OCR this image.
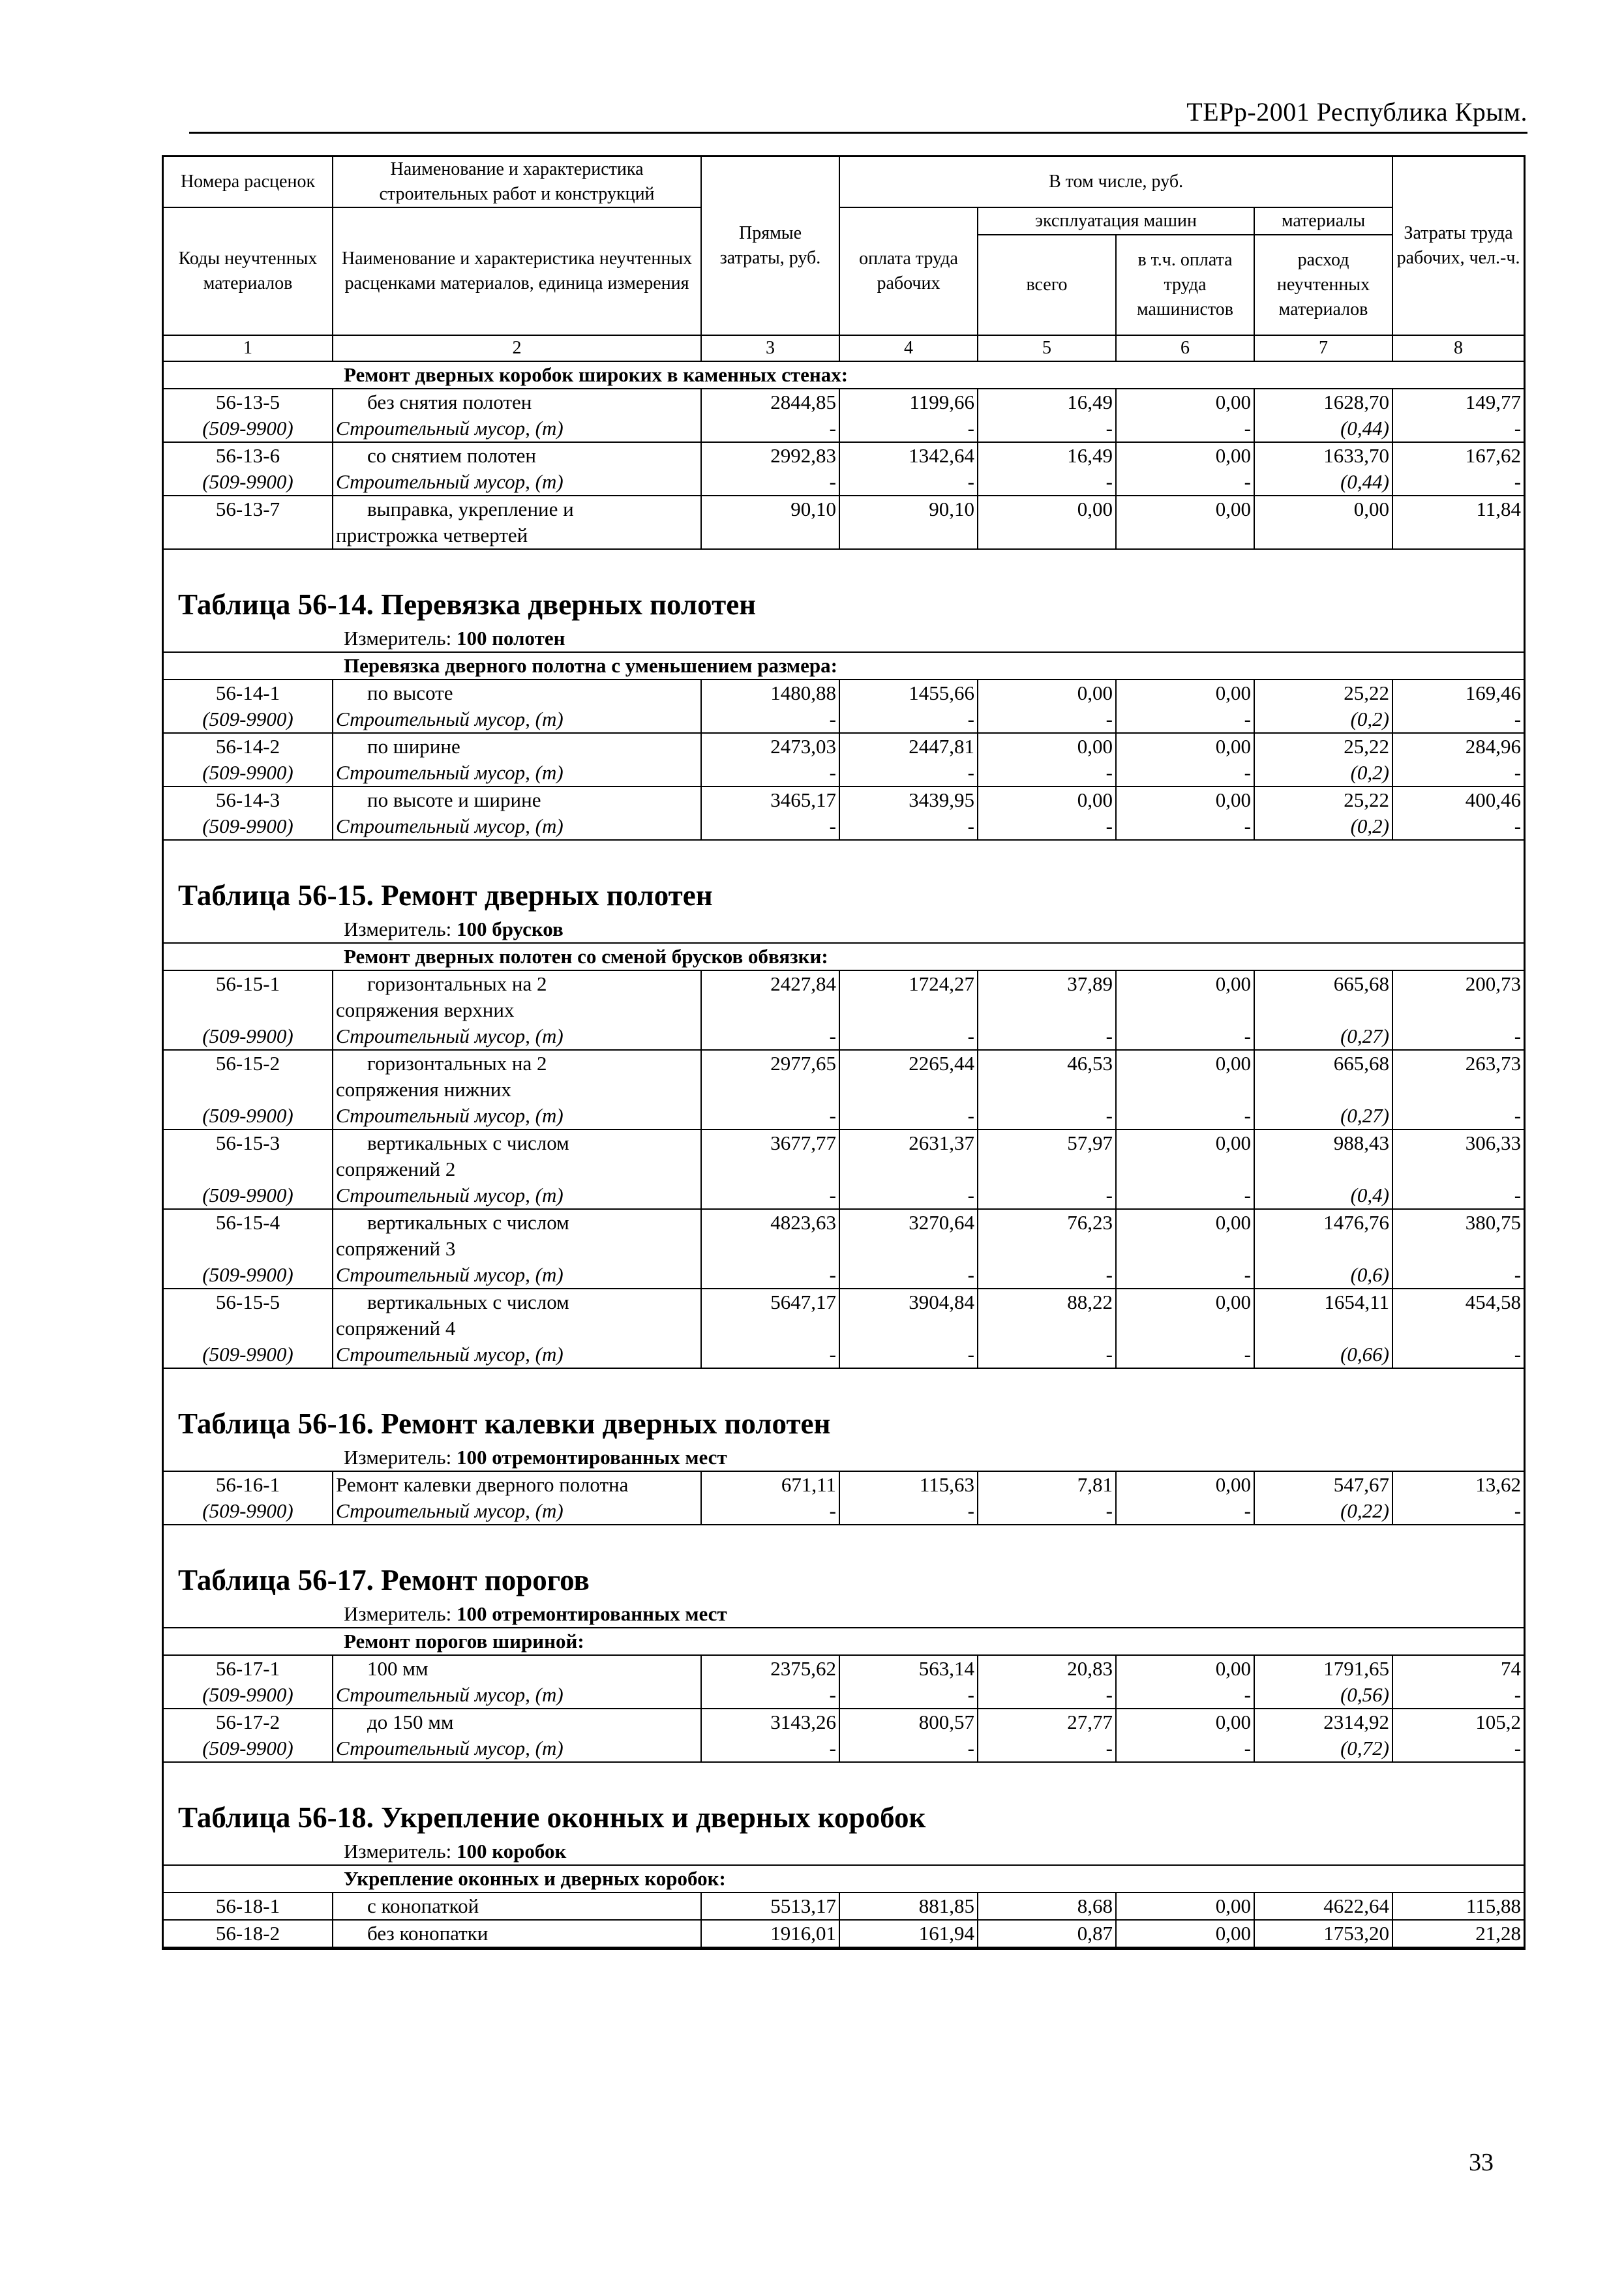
ТЕРр-2001 Республика Крым.
Номера расценок	Наименование и характеристика строительных работ и конструкций	Прямые затраты, руб.	В том числе, руб.				Затраты труда рабочих, чел.-ч.
Коды неучтенных материалов	Наименование и характеристика неучтенных расценками материалов, единица измерения		оплата труда рабочих	эксплуатация машин		материалы	
				всего	в т.ч. оплата труда машинистов	расход неучтенных материалов	
1	2	3	4	5	6	7	8
Ремонт дверных коробок широких в каменных стенах:							
56-13-5	без снятия полотен	2844,85	1199,66	16,49	0,00	1628,70	149,77
(509-9900)	Строительный мусор, (т)	-	-	-	-	(0,44)	-
56-13-6	со снятием полотен	2992,83	1342,64	16,49	0,00	1633,70	167,62
(509-9900)	Строительный мусор, (т)	-	-	-	-	(0,44)	-
56-13-7	выправка, укрепление и
пристрожка четвертей	90,10	90,10	0,00	0,00	0,00	11,84

Таблица 56-14. Перевязка дверных полотен							
Измеритель: 100 полотен							
Перевязка дверного полотна с уменьшением размера:							
56-14-1	по высоте	1480,88	1455,66	0,00	0,00	25,22	169,46
(509-9900)	Строительный мусор, (т)	-	-	-	-	(0,2)	-
56-14-2	по ширине	2473,03	2447,81	0,00	0,00	25,22	284,96
(509-9900)	Строительный мусор, (т)	-	-	-	-	(0,2)	-
56-14-3	по высоте и ширине	3465,17	3439,95	0,00	0,00	25,22	400,46
(509-9900)	Строительный мусор, (т)	-	-	-	-	(0,2)	-

Таблица 56-15. Ремонт дверных полотен							
Измеритель: 100 брусков							
Ремонт дверных полотен со сменой брусков обвязки:							
56-15-1	горизонтальных на 2
сопряжения верхних	2427,84	1724,27	37,89	0,00	665,68	200,73
(509-9900)	Строительный мусор, (т)	-	-	-	-	(0,27)	-
56-15-2	горизонтальных на 2
сопряжения нижних	2977,65	2265,44	46,53	0,00	665,68	263,73
(509-9900)	Строительный мусор, (т)	-	-	-	-	(0,27)	-
56-15-3	вертикальных с числом
сопряжений 2	3677,77	2631,37	57,97	0,00	988,43	306,33
(509-9900)	Строительный мусор, (т)	-	-	-	-	(0,4)	-
56-15-4	вертикальных с числом
сопряжений 3	4823,63	3270,64	76,23	0,00	1476,76	380,75
(509-9900)	Строительный мусор, (т)	-	-	-	-	(0,6)	-
56-15-5	вертикальных с числом
сопряжений 4	5647,17	3904,84	88,22	0,00	1654,11	454,58
(509-9900)	Строительный мусор, (т)	-	-	-	-	(0,66)	-

Таблица 56-16. Ремонт калевки дверных полотен							
Измеритель: 100 отремонтированных мест							
56-16-1	Ремонт калевки дверного полотна	671,11	115,63	7,81	0,00	547,67	13,62
(509-9900)	Строительный мусор, (т)	-	-	-	-	(0,22)	-

Таблица 56-17. Ремонт порогов							
Измеритель: 100 отремонтированных мест							
Ремонт порогов шириной:							
56-17-1	100 мм	2375,62	563,14	20,83	0,00	1791,65	74
(509-9900)	Строительный мусор, (т)	-	-	-	-	(0,56)	-
56-17-2	до 150 мм	3143,26	800,57	27,77	0,00	2314,92	105,2
(509-9900)	Строительный мусор, (т)	-	-	-	-	(0,72)	-

Таблица 56-18. Укрепление оконных и дверных коробок							
Измеритель: 100 коробок							
Укрепление оконных и дверных коробок:							
56-18-1	с конопаткой	5513,17	881,85	8,68	0,00	4622,64	115,88
56-18-2	без конопатки	1916,01	161,94	0,87	0,00	1753,20	21,28
33
